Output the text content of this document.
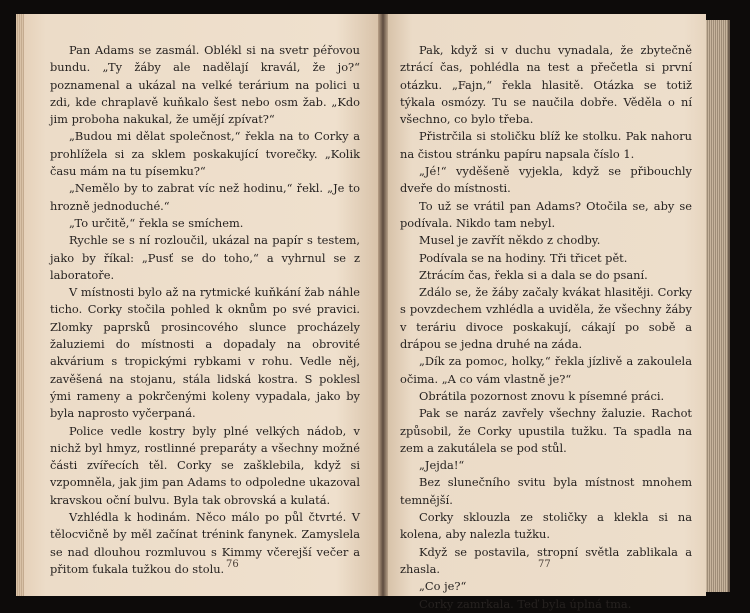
Pan Adams se zasmál. Oblékl si na svetr péřovou bundu. „Ty žáby ale nadělají kravál, že jo?“ poznamenal a ukázal na velké terárium na polici u zdi, kde chraplavě kuňkalo šest nebo osm žab. „Kdo jim proboha nakukal, že umějí zpívat?“

„Budou mi dělat společnost,“ řekla na to Corky a prohlížela si za sklem poskakující tvorečky. „Kolik času mám na tu písemku?“

„Nemělo by to zabrat víc než hodinu,“ řekl. „Je to hrozně jednoduché.“

„To určitě,“ řekla se smíchem.

Rychle se s ní rozloučil, ukázal na papír s testem, jako by říkal: „Pusť se do toho,“ a vyhrnul se z laboratoře.

V místnosti bylo až na rytmické kuňkání žab náhle ticho. Corky stočila pohled k oknům po své pravici. Zlomky paprsků prosincového slunce procházely žaluziemi do místnosti a dopadaly na obrovité akvárium s tropickými rybkami v rohu. Vedle něj, zavěšená na stojanu, stála lidská kostra. S poklesl ými rameny a pokrčenými koleny vypadala, jako by byla naprosto vyčerpaná.

Police vedle kostry byly plné velkých nádob, v nichž byl hmyz, rostlinné preparáty a všechny možné části zvířecích těl. Corky se zašklebila, když si vzpomněla, jak jim pan Adams to odpoledne ukazoval kravskou oční bulvu. Byla tak obrovská a kulatá.

Vzhlédla k hodinám. Něco málo po půl čtvrté. V tělocvičně by měl začínat trénink fanynek. Zamyslela se nad dlouhou rozmluvou s Kimmy včerejší večer a přitom ťukala tužkou do stolu.

Pak, když si v duchu vynadala, že zbytečně ztrácí čas, pohlédla na test a přečetla si první otázku. „Fajn,“ řekla hlasitě. Otázka se totiž týkala osmózy. Tu se naučila dobře. Věděla o ní všechno, co bylo třeba.

Přistrčila si stoličku blíž ke stolku. Pak nahoru na čistou stránku papíru napsala číslo 1.

„Jé!“ vyděšeně vyjekla, když se přibouchly dveře do místnosti.

To už se vrátil pan Adams? Otočila se, aby se podívala. Nikdo tam nebyl.

Musel je zavřít někdo z chodby.

Podívala se na hodiny. Tři třicet pět.

Ztrácím čas, řekla si a dala se do psaní.

Zdálo se, že žáby začaly kvákat hlasitěji. Corky s povzdechem vzhlédla a uviděla, že všechny žáby v teráriu divoce poskakují, cákají po sobě a drápou se jedna druhé na záda.

„Dík za pomoc, holky,“ řekla jízlivě a zakoulela očima. „A co vám vlastně je?“

Obrátila pozornost znovu k písemné práci.

Pak se naráz zavřely všechny žaluzie. Rachot způsobil, že Corky upustila tužku. Ta spadla na zem a zakutálela se pod stůl.

„Jejda!“

Bez slunečního svitu byla místnost mnohem temnější.

Corky sklouzla ze stoličky a klekla si na kolena, aby nalezla tužku.

Když se postavila, stropní světla zablikala a zhasla.

„Co je?“

Corky zamrkala. Teď byla úplná tma.

76	77
